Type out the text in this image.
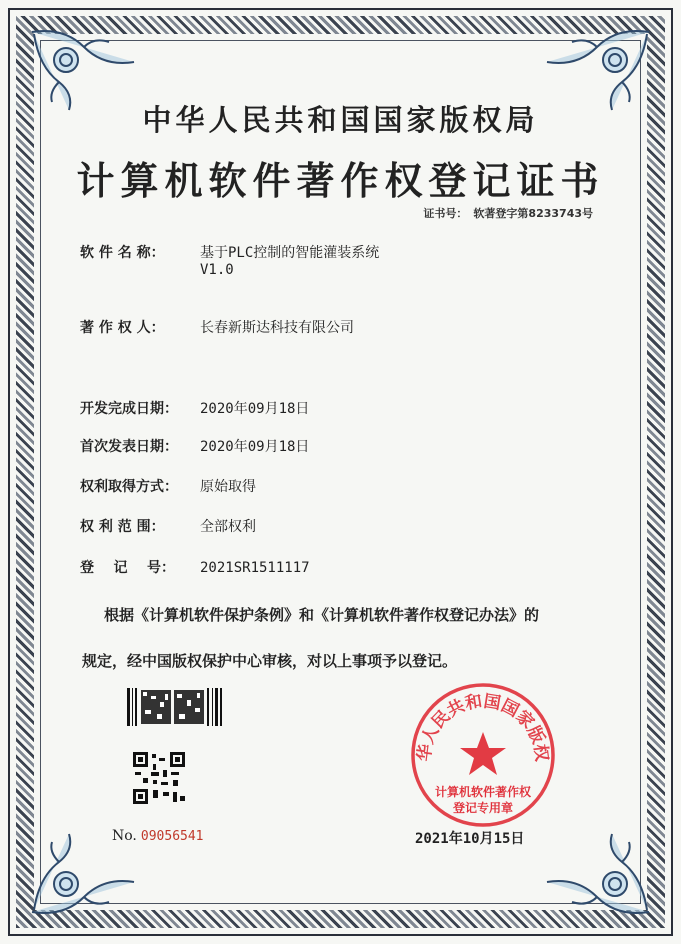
中华人民共和国国家版权局
计算机软件著作权登记证书
证书号： 软著登字第8233743号
软 件 名 称：	基于PLC控制的智能灌装系统
V1.0
著 作 权 人：	长春新斯达科技有限公司
开发完成日期： 2020年09月18日
首次发表日期： 2020年09月18日
权利取得方式： 原始取得
权 利 范 围：	全部权利
登    记    号： 2021SR1511117
根据《计算机软件保护条例》和《计算机软件著作权登记办法》的
规定，经中国版权保护中心审核，对以上事项予以登记。
No. 09056541
华人民共和国国家版权
计算机软件著作权
登记专用章
2021年10月15日
